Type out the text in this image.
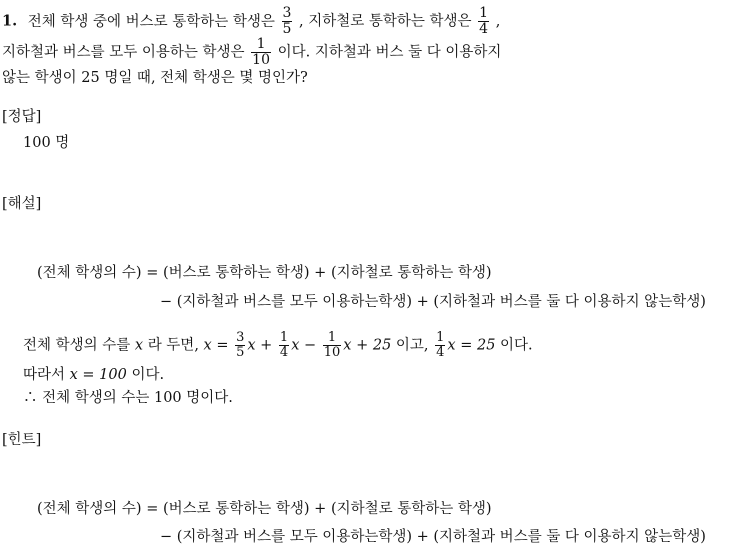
1. 전체 학생 중에 버스로 통학하는 학생은 $\frac{3}{5}$ , 지하철로 통학하는 학생은 $\frac{1}{4}$ ,
지하철과 버스를 모두 이용하는 학생은 $\frac{1}{10}$ 이다. 지하철과 버스 둘 다 이용하지
않는 학생이 25 명일 때, 전체 학생은 몇 명인가?
[정답]
100 명
[해설]
(전체 학생의 수) = (버스로 통학하는 학생) + (지하철로 통학하는 학생)
− (지하철과 버스를 모두 이용하는학생) + (지하철과 버스를 둘 다 이용하지 않는학생)
전체 학생의 수를 x 라 두면, $x = \frac{3}{5}$ $x + \frac{1}{4}$ $x - \frac{1}{10}$ x + 25 이고, $\frac{1}{4}$ x = 25 이다.
따라서 x = 100 이다.
∴ 전체 학생의 수는 100 명이다.
[힌트]
(전체 학생의 수) = (버스로 통학하는 학생) + (지하철로 통학하는 학생)
− (지하철과 버스를 모두 이용하는학생) + (지하철과 버스를 둘 다 이용하지 않는학생)
